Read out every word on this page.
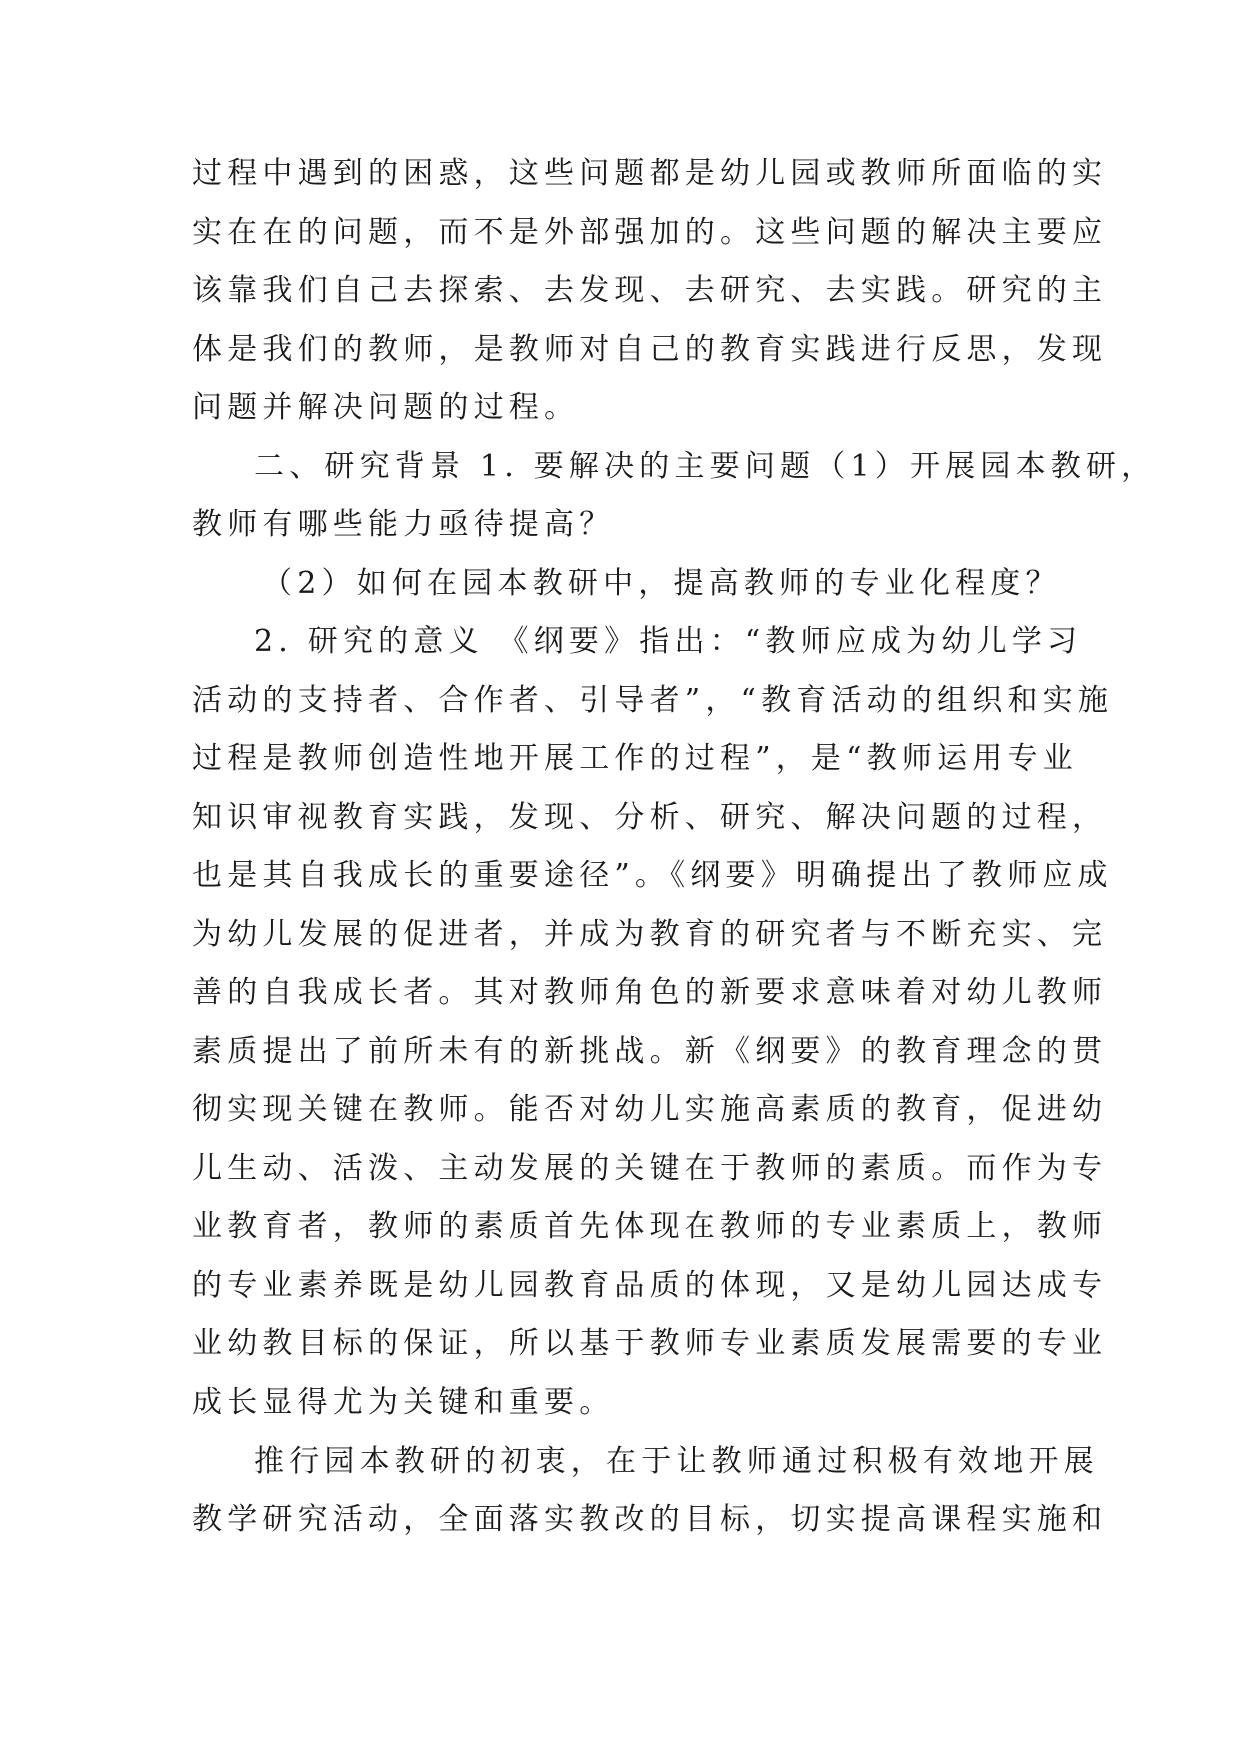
过程中遇到的困惑，这些问题都是幼儿园或教师所面临的实
实在在的问题，而不是外部强加的。这些问题的解决主要应
该靠我们自己去探索、去发现、去研究、去实践。研究的主
体是我们的教师，是教师对自己的教育实践进行反思，发现
问题并解决问题的过程。
二、研究背景 1. 要解决的主要问题（1）开展园本教研，
教师有哪些能力亟待提高？
（2）如何在园本教研中，提高教师的专业化程度？
2. 研究的意义 《纲要》指出：“教师应成为幼儿学习
活动的支持者、合作者、引导者”，“教育活动的组织和实施
过程是教师创造性地开展工作的过程”，是“教师运用专业
知识审视教育实践，发现、分析、研究、解决问题的过程，
也是其自我成长的重要途径”。《纲要》明确提出了教师应成
为幼儿发展的促进者，并成为教育的研究者与不断充实、完
善的自我成长者。其对教师角色的新要求意味着对幼儿教师
素质提出了前所未有的新挑战。新《纲要》的教育理念的贯
彻实现关键在教师。能否对幼儿实施高素质的教育，促进幼
儿生动、活泼、主动发展的关键在于教师的素质。而作为专
业教育者，教师的素质首先体现在教师的专业素质上，教师
的专业素养既是幼儿园教育品质的体现，又是幼儿园达成专
业幼教目标的保证，所以基于教师专业素质发展需要的专业
成长显得尤为关键和重要。
推行园本教研的初衷，在于让教师通过积极有效地开展
教学研究活动，全面落实教改的目标，切实提高课程实施和
